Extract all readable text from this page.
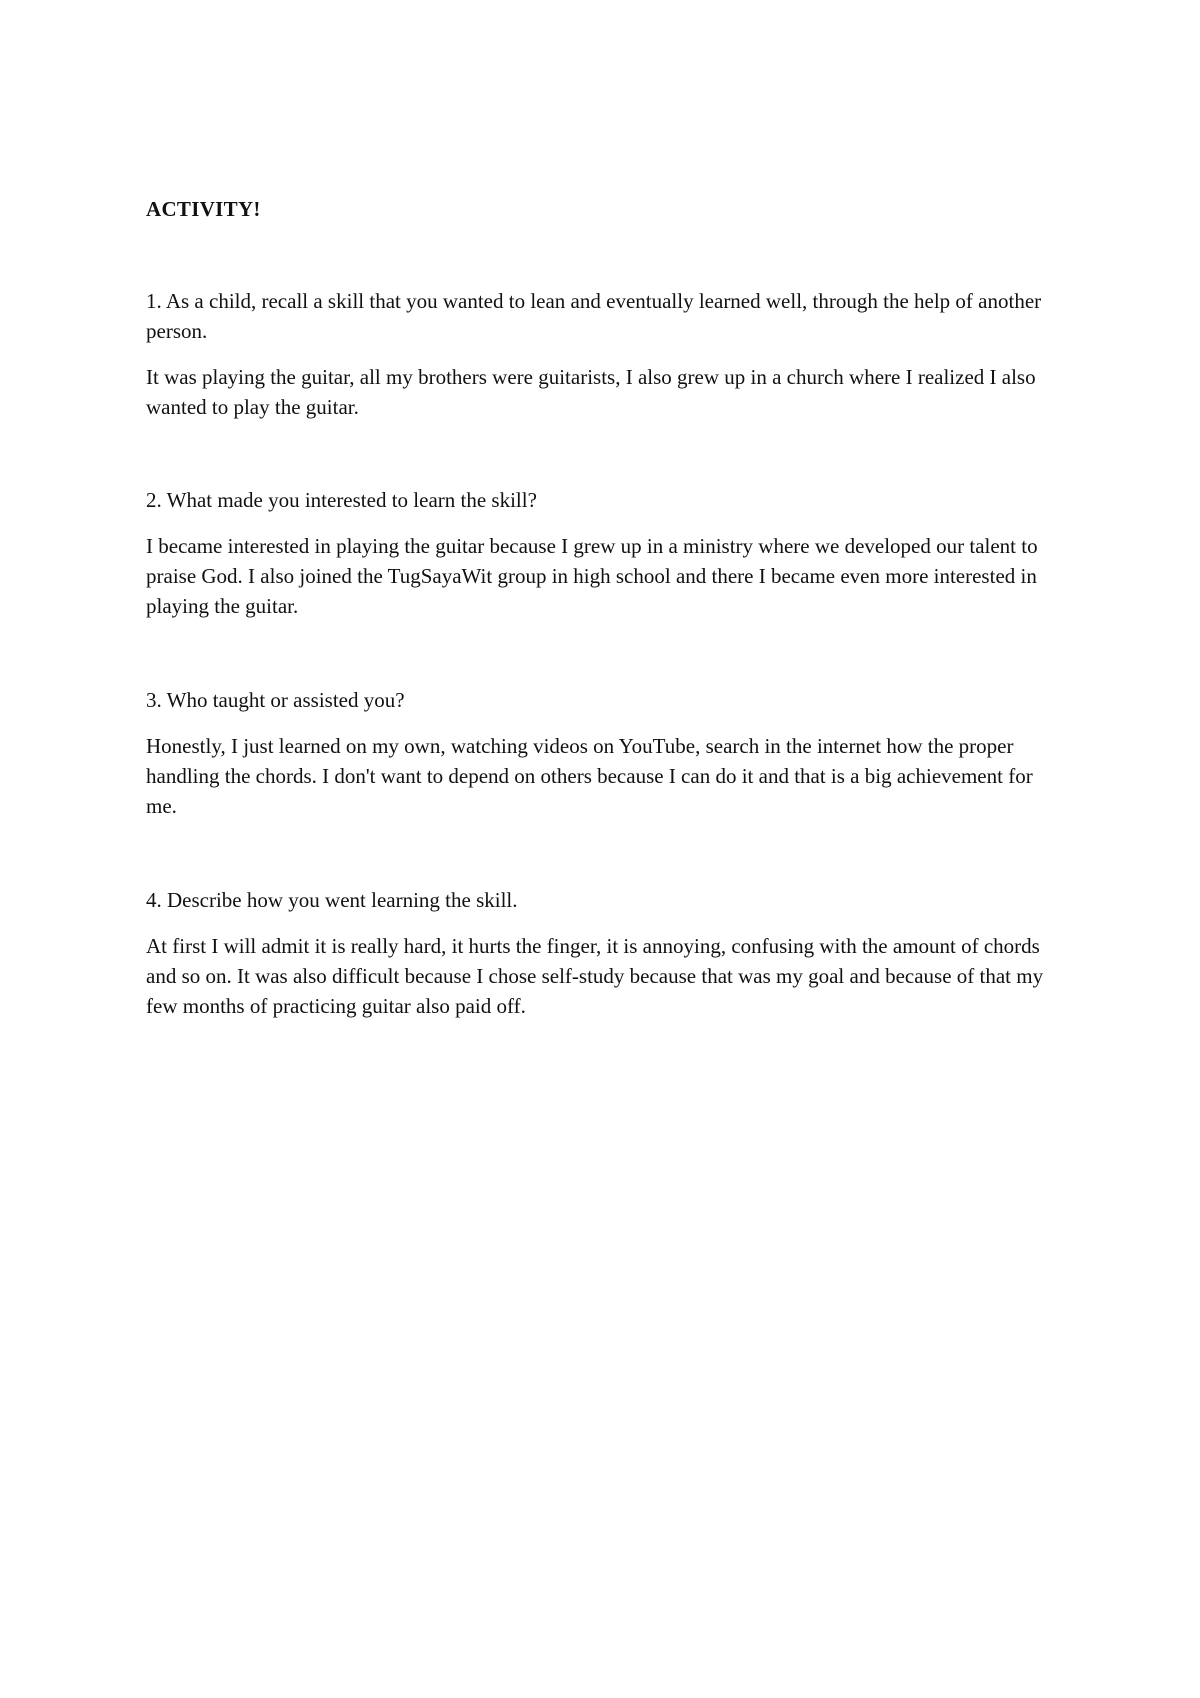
ACTIVITY!

1. As a child, recall a skill that you wanted to lean and eventually learned well, through the help of another person.

It was playing the guitar, all my brothers were guitarists, I also grew up in a church where I realized I also wanted to play the guitar.

2. What made you interested to learn the skill?

I became interested in playing the guitar because I grew up in a ministry where we developed our talent to praise God. I also joined the TugSayaWit group in high school and there I became even more interested in playing the guitar.

3. Who taught or assisted you?

Honestly, I just learned on my own, watching videos on YouTube, search in the internet how the proper handling the chords. I don't want to depend on others because I can do it and that is a big achievement for me.

4. Describe how you went learning the skill.

At first I will admit it is really hard, it hurts the finger, it is annoying, confusing with the amount of chords and so on. It was also difficult because I chose self-study because that was my goal and because of that my few months of practicing guitar also paid off.
